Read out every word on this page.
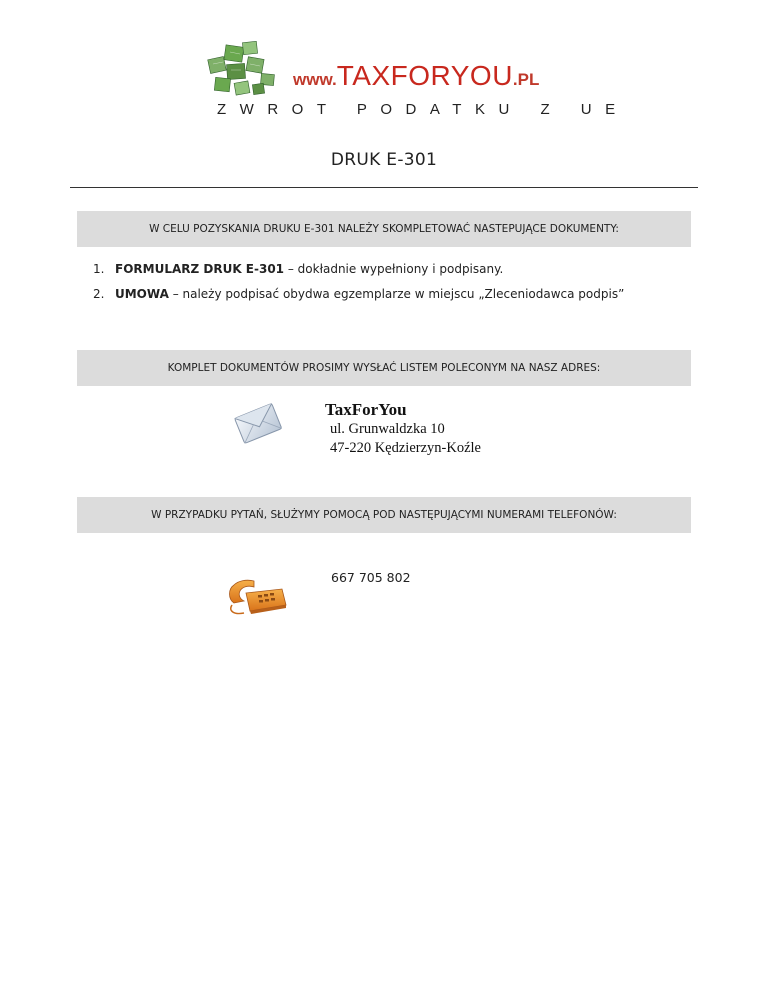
www.TAXFORYOU.PL
ZWROT PODATKU Z UE
DRUK E-301
W CELU POZYSKANIA DRUKU E-301 NALEŻY SKOMPLETOWAĆ NASTEPUJĄCE DOKUMENTY:
1. FORMULARZ DRUK E-301 – dokładnie wypełniony i podpisany.
2. UMOWA – należy podpisać obydwa egzemplarze w miejscu „Zleceniodawca podpis”
KOMPLET DOKUMENTÓW PROSIMY WYSŁAĆ LISTEM POLECONYM NA NASZ ADRES:
TaxForYou
ul. Grunwaldzka 10
47-220 Kędzierzyn-Koźle
W PRZYPADKU PYTAŃ, SŁUŻYMY POMOCĄ POD NASTĘPUJĄCYMI NUMERAMI TELEFONÓW:
667 705 802
